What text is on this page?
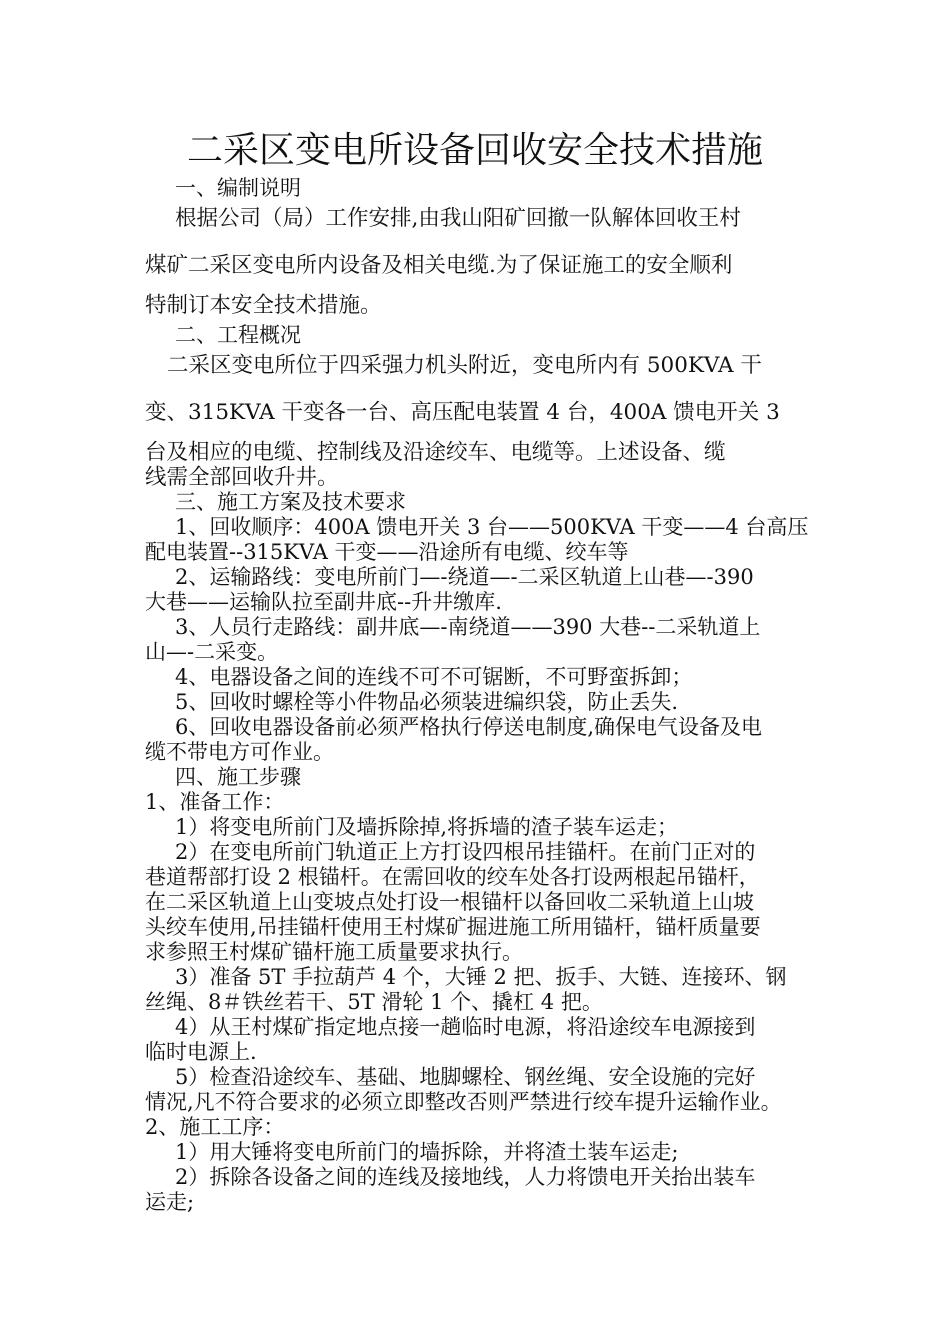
二采区变电所设备回收安全技术措施

一、编制说明

根据公司（局）工作安排,由我山阳矿回撤一队解体回收王村

煤矿二采区变电所内设备及相关电缆.为了保证施工的安全顺利

特制订本安全技术措施。

二、工程概况

二采区变电所位于四采强力机头附近，变电所内有 500KVA 干

变、315KVA 干变各一台、高压配电装置 4 台，400A 馈电开关 3

台及相应的电缆、控制线及沿途绞车、电缆等。上述设备、缆

线需全部回收升井。

三、施工方案及技术要求

1、回收顺序：400A 馈电开关 3 台——500KVA 干变——4 台高压

配电装置--315KVA 干变——沿途所有电缆、绞车等

2、运输路线：变电所前门—-绕道—-二采区轨道上山巷—-390

大巷——运输队拉至副井底--升井缴库.

3、人员行走路线：副井底—-南绕道——390 大巷--二采轨道上

山—-二采变。

4、电器设备之间的连线不可不可锯断，不可野蛮拆卸；

5、回收时螺栓等小件物品必须装进编织袋，防止丢失.

6、回收电器设备前必须严格执行停送电制度,确保电气设备及电

缆不带电方可作业。

四、施工步骤

1、准备工作：

1）将变电所前门及墙拆除掉,将拆墙的渣子装车运走；

2）在变电所前门轨道正上方打设四根吊挂锚杆。在前门正对的

巷道帮部打设 2 根锚杆。在需回收的绞车处各打设两根起吊锚杆，

在二采区轨道上山变坡点处打设一根锚杆以备回收二采轨道上山坡

头绞车使用,吊挂锚杆使用王村煤矿掘进施工所用锚杆，锚杆质量要

求参照王村煤矿锚杆施工质量要求执行。

3）准备 5T 手拉葫芦 4 个，大锤 2 把、扳手、大链、连接环、钢

丝绳、8＃铁丝若干、5T 滑轮 1 个、撬杠 4 把。

4）从王村煤矿指定地点接一趟临时电源，将沿途绞车电源接到

临时电源上.

5）检查沿途绞车、基础、地脚螺栓、钢丝绳、安全设施的完好

情况,凡不符合要求的必须立即整改否则严禁进行绞车提升运输作业。

2、施工工序：

1）用大锤将变电所前门的墙拆除，并将渣土装车运走;

2）拆除各设备之间的连线及接地线，人力将馈电开关抬出装车

运走;
